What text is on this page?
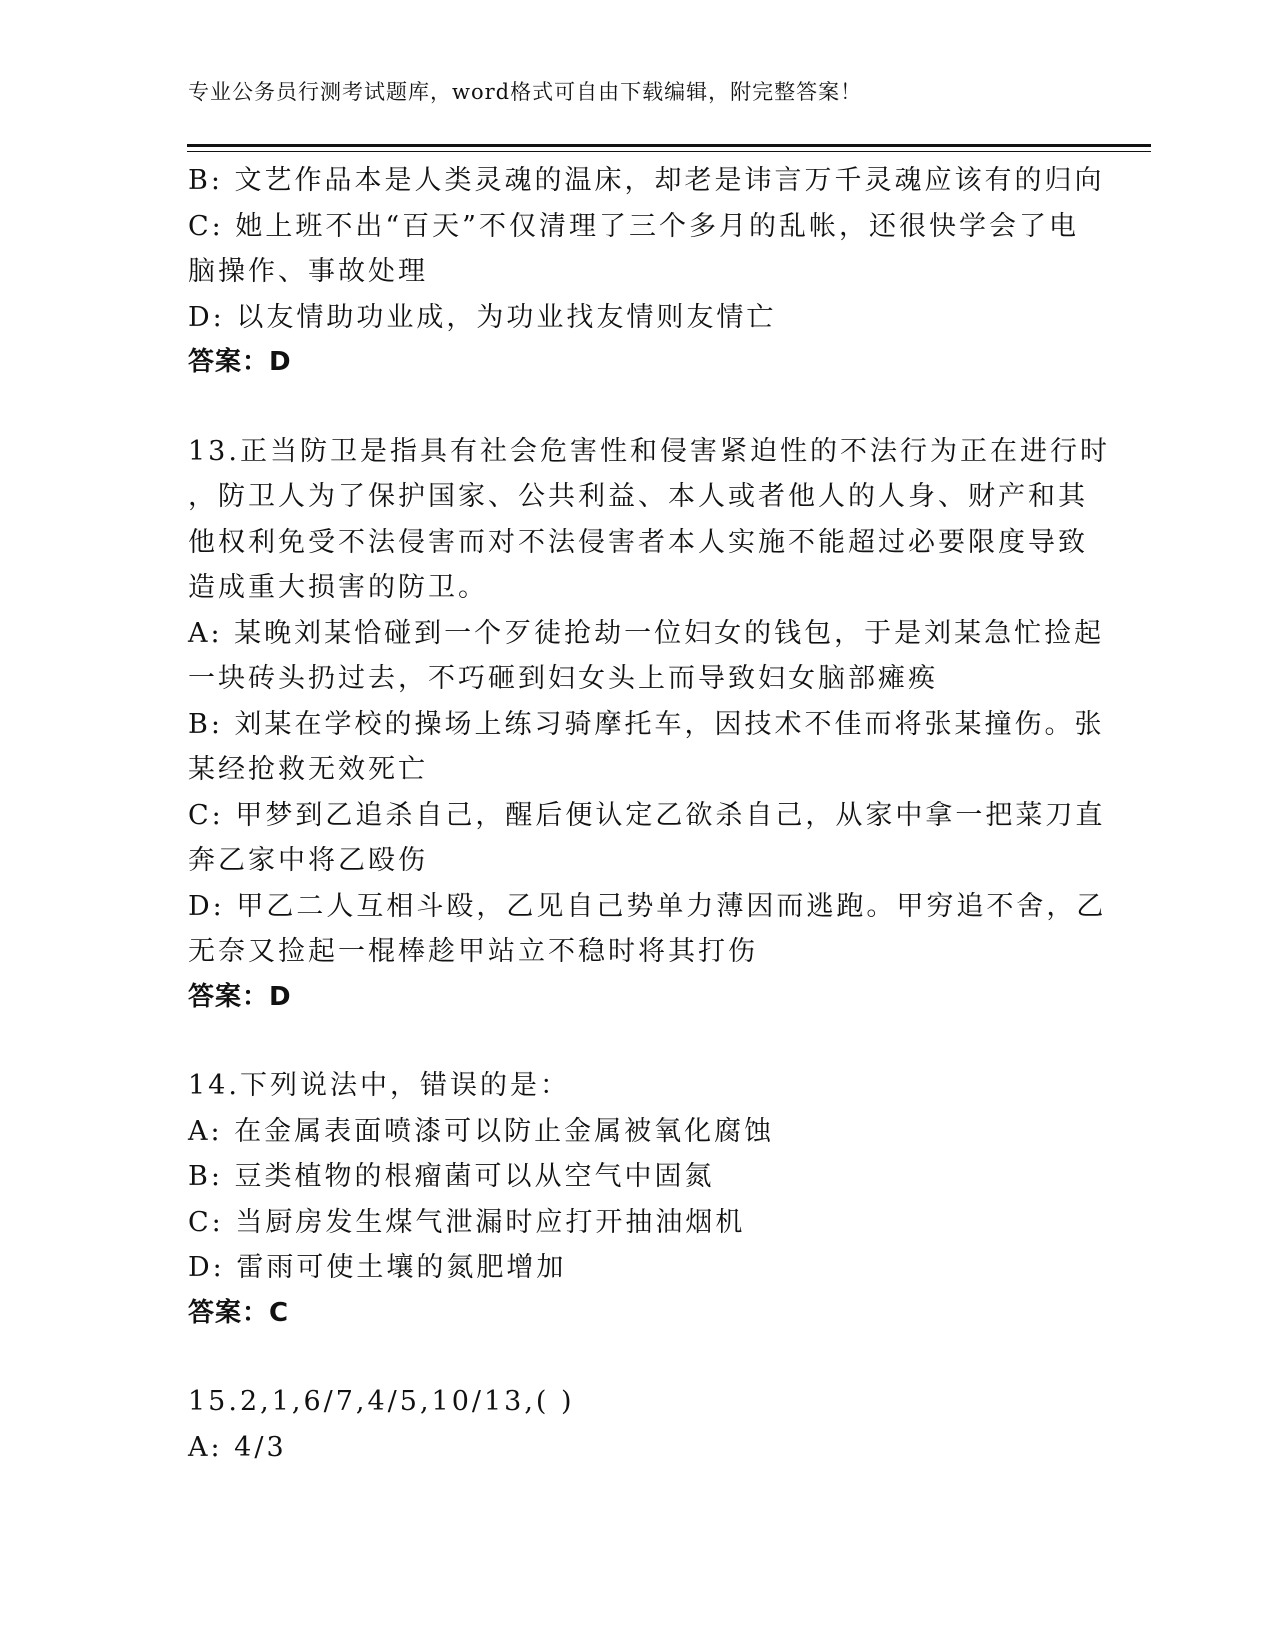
专业公务员行测考试题库，word格式可自由下载编辑，附完整答案！
B: 文艺作品本是人类灵魂的温床，却老是讳言万千灵魂应该有的归向
C: 她上班不出“百天”不仅清理了三个多月的乱帐，还很快学会了电
脑操作、事故处理
D: 以友情助功业成，为功业找友情则友情亡
答案：D
13.正当防卫是指具有社会危害性和侵害紧迫性的不法行为正在进行时
，防卫人为了保护国家、公共利益、本人或者他人的人身、财产和其
他权利免受不法侵害而对不法侵害者本人实施不能超过必要限度导致
造成重大损害的防卫。
A: 某晚刘某恰碰到一个歹徒抢劫一位妇女的钱包，于是刘某急忙捡起
一块砖头扔过去，不巧砸到妇女头上而导致妇女脑部瘫痪
B: 刘某在学校的操场上练习骑摩托车，因技术不佳而将张某撞伤。张
某经抢救无效死亡
C: 甲梦到乙追杀自己，醒后便认定乙欲杀自己，从家中拿一把菜刀直
奔乙家中将乙殴伤
D: 甲乙二人互相斗殴，乙见自己势单力薄因而逃跑。甲穷追不舍，乙
无奈又捡起一棍棒趁甲站立不稳时将其打伤
答案：D
14.下列说法中，错误的是：
A: 在金属表面喷漆可以防止金属被氧化腐蚀
B: 豆类植物的根瘤菌可以从空气中固氮
C: 当厨房发生煤气泄漏时应打开抽油烟机
D: 雷雨可使土壤的氮肥增加
答案：C
15.2,1,6/7,4/5,10/13,( )
A: 4/3
